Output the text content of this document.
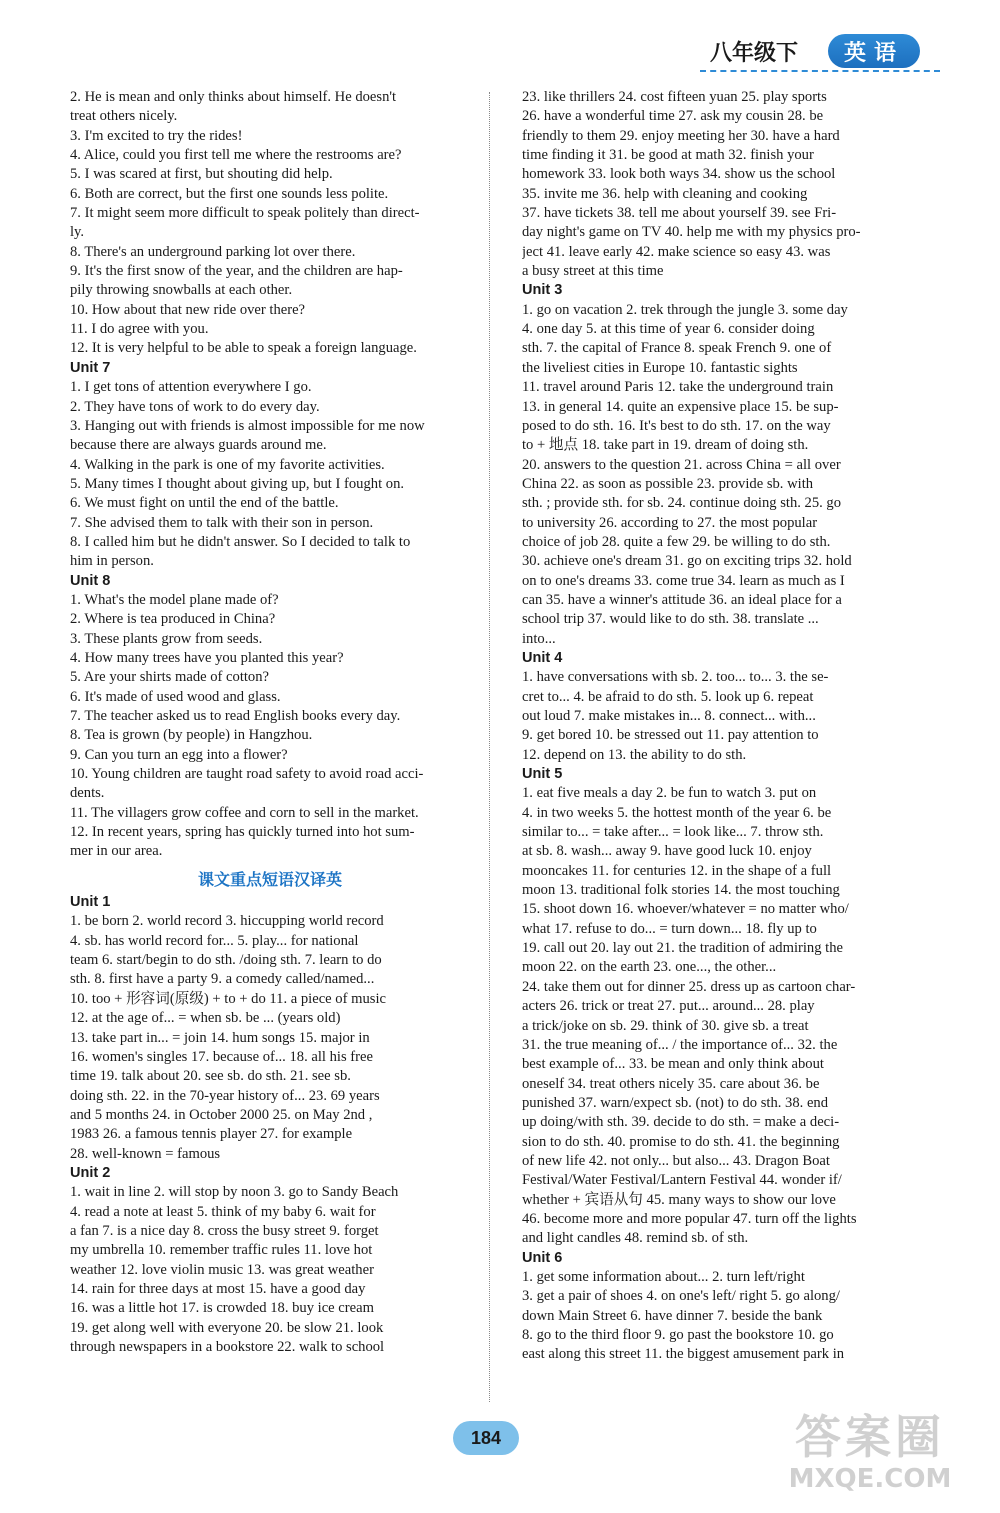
八年级下	英语
2. He is mean and only thinks about himself. He doesn't
treat others nicely.
3. I'm excited to try the rides!
4. Alice, could you first tell me where the restrooms are?
5. I was scared at first, but shouting did help.
6. Both are correct, but the first one sounds less polite.
7. It might seem more difficult to speak politely than direct-
ly.
8. There's an underground parking lot over there.
9. It's the first snow of the year, and the children are hap-
pily throwing snowballs at each other.
10. How about that new ride over there?
11. I do agree with you.
12. It is very helpful to be able to speak a foreign language.
Unit 7
1. I get tons of attention everywhere I go.
2. They have tons of work to do every day.
3. Hanging out with friends is almost impossible for me now
because there are always guards around me.
4. Walking in the park is one of my favorite activities.
5. Many times I thought about giving up, but I fought on.
6. We must fight on until the end of the battle.
7. She advised them to talk with their son in person.
8. I called him but he didn't answer. So I decided to talk to
him in person.
Unit 8
1. What's the model plane made of?
2. Where is tea produced in China?
3. These plants grow from seeds.
4. How many trees have you planted this year?
5. Are your shirts made of cotton?
6. It's made of used wood and glass.
7. The teacher asked us to read English books every day.
8. Tea is grown (by people) in Hangzhou.
9. Can you turn an egg into a flower?
10. Young children are taught road safety to avoid road acci-
dents.
11. The villagers grow coffee and corn to sell in the market.
12. In recent years, spring has quickly turned into hot sum-
mer in our area.
课文重点短语汉译英
Unit 1
1. be born 2. world record 3. hiccupping world record
4. sb. has world record for... 5. play... for national
team 6. start/begin to do sth. /doing sth. 7. learn to do
sth. 8. first have a party 9. a comedy called/named...
10. too + 形容词(原级) + to + do 11. a piece of music
12. at the age of... = when sb. be ... (years old)
13. take part in... = join 14. hum songs 15. major in
16. women's singles 17. because of... 18. all his free
time 19. talk about 20. see sb. do sth. 21. see sb.
doing sth. 22. in the 70-year history of... 23. 69 years
and 5 months 24. in October 2000 25. on May 2nd ,
1983 26. a famous tennis player 27. for example
28. well-known = famous
Unit 2
1. wait in line 2. will stop by noon 3. go to Sandy Beach
4. read a note at least 5. think of my baby 6. wait for
a fan 7. is a nice day 8. cross the busy street 9. forget
my umbrella 10. remember traffic rules 11. love hot
weather 12. love violin music 13. was great weather
14. rain for three days at most 15. have a good day
16. was a little hot 17. is crowded 18. buy ice cream
19. get along well with everyone 20. be slow 21. look
through newspapers in a bookstore 22. walk to school
23. like thrillers 24. cost fifteen yuan 25. play sports
26. have a wonderful time 27. ask my cousin 28. be
friendly to them 29. enjoy meeting her 30. have a hard
time finding it 31. be good at math 32. finish your
homework 33. look both ways 34. show us the school
35. invite me 36. help with cleaning and cooking
37. have tickets 38. tell me about yourself 39. see Fri-
day night's game on TV 40. help me with my physics pro-
ject 41. leave early 42. make science so easy 43. was
a busy street at this time
Unit 3
1. go on vacation 2. trek through the jungle 3. some day
4. one day 5. at this time of year 6. consider doing
sth. 7. the capital of France 8. speak French 9. one of
the liveliest cities in Europe 10. fantastic sights
11. travel around Paris 12. take the underground train
13. in general 14. quite an expensive place 15. be sup-
posed to do sth. 16. It's best to do sth. 17. on the way
to + 地点 18. take part in 19. dream of doing sth.
20. answers to the question 21. across China = all over
China 22. as soon as possible 23. provide sb. with
sth. ; provide sth. for sb. 24. continue doing sth. 25. go
to university 26. according to 27. the most popular
choice of job 28. quite a few 29. be willing to do sth.
30. achieve one's dream 31. go on exciting trips 32. hold
on to one's dreams 33. come true 34. learn as much as I
can 35. have a winner's attitude 36. an ideal place for a
school trip 37. would like to do sth. 38. translate ...
into...
Unit 4
1. have conversations with sb. 2. too... to... 3. the se-
cret to... 4. be afraid to do sth. 5. look up 6. repeat
out loud 7. make mistakes in... 8. connect... with...
9. get bored 10. be stressed out 11. pay attention to
12. depend on 13. the ability to do sth.
Unit 5
1. eat five meals a day 2. be fun to watch 3. put on
4. in two weeks 5. the hottest month of the year 6. be
similar to... = take after... = look like... 7. throw sth.
at sb. 8. wash... away 9. have good luck 10. enjoy
mooncakes 11. for centuries 12. in the shape of a full
moon 13. traditional folk stories 14. the most touching
15. shoot down 16. whoever/whatever = no matter who/
what 17. refuse to do... = turn down... 18. fly up to
19. call out 20. lay out 21. the tradition of admiring the
moon 22. on the earth 23. one..., the other...
24. take them out for dinner 25. dress up as cartoon char-
acters 26. trick or treat 27. put... around... 28. play
a trick/joke on sb. 29. think of 30. give sb. a treat
31. the true meaning of... / the importance of... 32. the
best example of... 33. be mean and only think about
oneself 34. treat others nicely 35. care about 36. be
punished 37. warn/expect sb. (not) to do sth. 38. end
up doing/with sth. 39. decide to do sth. = make a deci-
sion to do sth. 40. promise to do sth. 41. the beginning
of new life 42. not only... but also... 43. Dragon Boat
Festival/Water Festival/Lantern Festival 44. wonder if/
whether + 宾语从句 45. many ways to show our love
46. become more and more popular 47. turn off the lights
and light candles 48. remind sb. of sth.
Unit 6
1. get some information about... 2. turn left/right
3. get a pair of shoes 4. on one's left/ right 5. go along/
down Main Street 6. have dinner 7. beside the bank
8. go to the third floor 9. go past the bookstore 10. go
east along this street 11. the biggest amusement park in
184	答案圈
MXQE.COM
